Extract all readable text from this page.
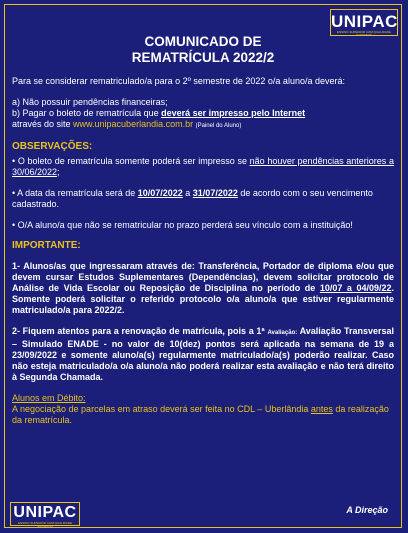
UNIPAC
ENSINO SUPERIOR COM QUALIDADE SUPERIOR
COMUNICADO DE
REMATRÍCULA 2022/2

Para se considerar rematriculado/a para o 2º semestre de 2022 o/a aluno/a deverá:

a) Não possuir pendências financeiras;

b) Pagar o boleto de rematrícula que deverá ser impresso pelo Internet
através do site www.unipacuberlandia.com.br (Painel do Aluno)

OBSERVAÇÕES:

• O boleto de rematrícula somente poderá ser impresso se não houver pendências anteriores a 30/06/2022;

• A data da rematrícula será de 10/07/2022 a 31/07/2022 de acordo com o seu vencimento cadastrado.

• O/A aluno/a que não se rematricular no prazo perderá seu vínculo com a instituição!

IMPORTANTE:

1- Alunos/as que ingressaram através de: Transferência, Portador de diploma e/ou que devem cursar Estudos Suplementares (Dependências), devem solicitar protocolo de Análise de Vida Escolar ou Reposição de Disciplina no período de 10/07 a 04/09/22. Somente poderá solicitar o referido protocolo o/a aluno/a que estiver regularmente matriculado/a para 2022/2.

2- Fiquem atentos para a renovação de matrícula, pois a 1ª Avaliação: Avaliação Transversal – Simulado ENADE - no valor de 10(dez) pontos será aplicada na semana de 19 a 23/09/2022 e somente aluno/a(s) regularmente matriculado/a(s) poderão realizar. Caso não esteja matriculado/a o/a aluno/a não poderá realizar esta avaliação e não terá direito à Segunda Chamada.

Alunos em Débito:
A negociação de parcelas em atraso deverá ser feita no CDL – Uberlândia antes da realização da rematrícula.

A Direção
UNIPAC
ENSINO SUPERIOR COM QUALIDADE SUPERIOR
